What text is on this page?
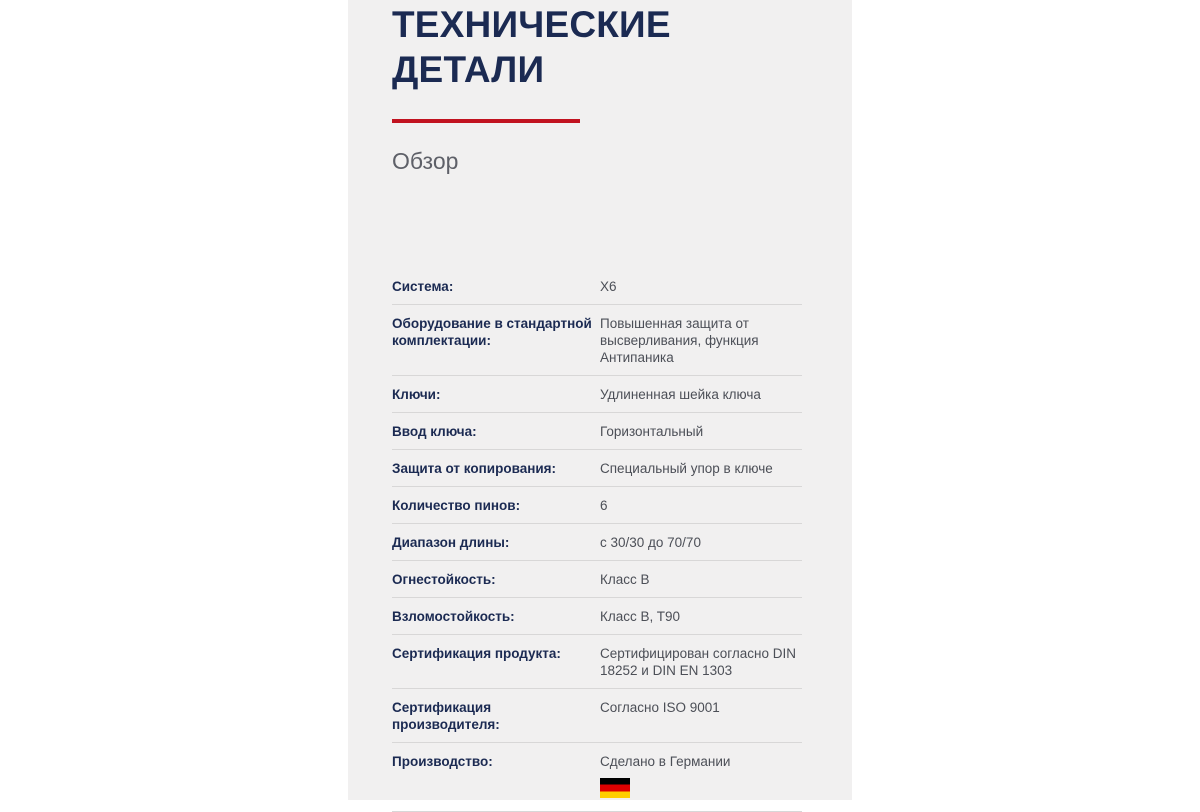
ТЕХНИЧЕСКИЕ ДЕТАЛИ
Обзор
Система:	X6
Оборудование в стандартной комплектации:	Повышенная защита от высверливания, функция Антипаника
Ключи:	Удлиненная шейка ключа
Ввод ключа:	Горизонтальный
Защита от копирования:	Специальный упор в ключе
Количество пинов:	6
Диапазон длины:	с 30/30 до 70/70
Огнестойкость:	Класс B
Взломостойкость:	Класс B, T90
Сертификация продукта:	Сертифицирован согласно DIN 18252 и DIN EN 1303
Сертификация производителя:	Согласно ISO 9001
Производство:	Сделано в Германии
